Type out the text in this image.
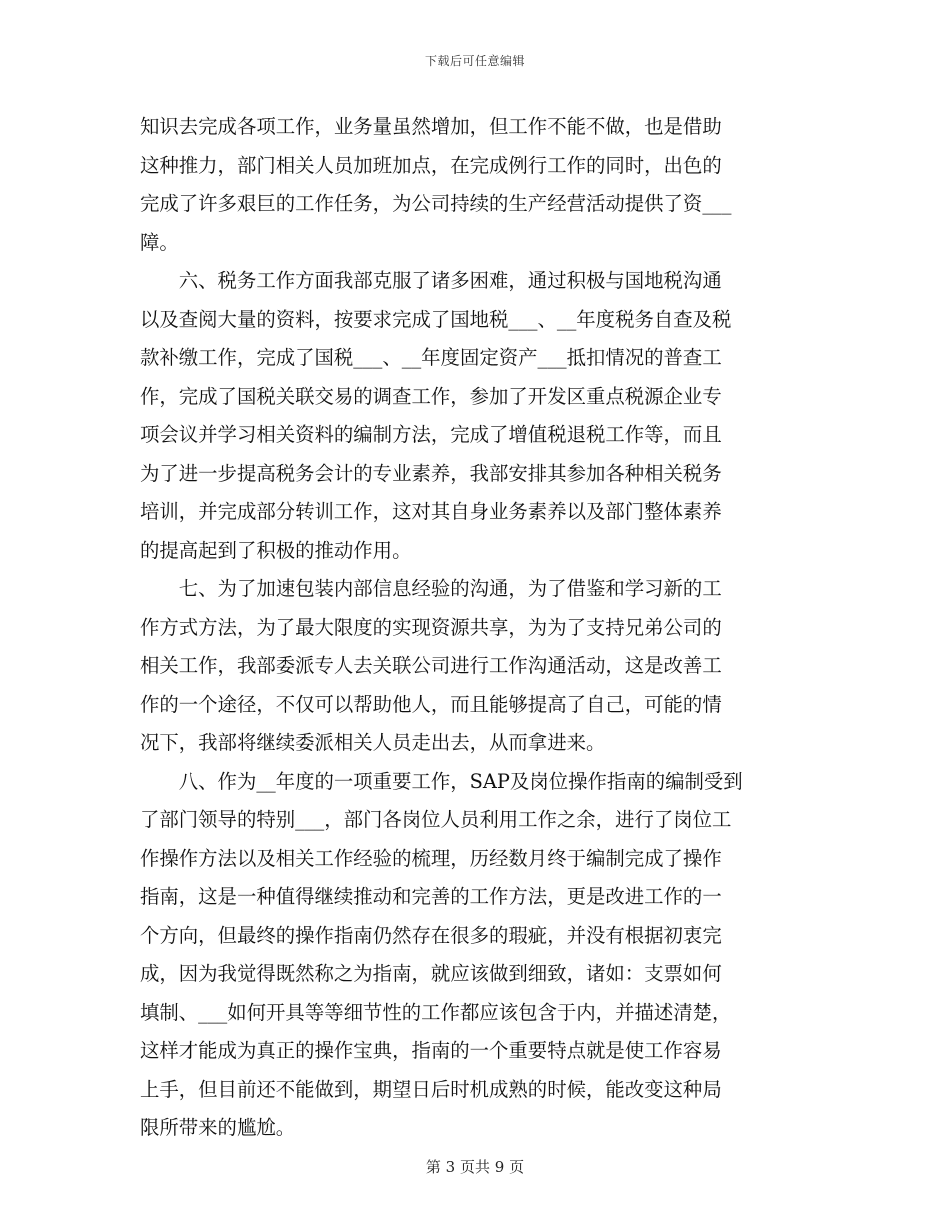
下载后可任意编辑
知识去完成各项工作，业务量虽然增加，但工作不能不做，也是借助
这种推力，部门相关人员加班加点，在完成例行工作的同时，出色的
完成了许多艰巨的工作任务，为公司持续的生产经营活动提供了资___
障。
　　六、税务工作方面我部克服了诸多困难，通过积极与国地税沟通
以及查阅大量的资料，按要求完成了国地税___、__年度税务自查及税
款补缴工作，完成了国税___、__年度固定资产___抵扣情况的普查工
作，完成了国税关联交易的调查工作，参加了开发区重点税源企业专
项会议并学习相关资料的编制方法，完成了增值税退税工作等，而且
为了进一步提高税务会计的专业素养，我部安排其参加各种相关税务
培训，并完成部分转训工作，这对其自身业务素养以及部门整体素养
的提高起到了积极的推动作用。
　　七、为了加速包装内部信息经验的沟通，为了借鉴和学习新的工
作方式方法，为了最大限度的实现资源共享，为为了支持兄弟公司的
相关工作，我部委派专人去关联公司进行工作沟通活动，这是改善工
作的一个途径，不仅可以帮助他人，而且能够提高了自己，可能的情
况下，我部将继续委派相关人员走出去，从而拿进来。
　　八、作为__年度的一项重要工作，SAP及岗位操作指南的编制受到
了部门领导的特别___，部门各岗位人员利用工作之余，进行了岗位工
作操作方法以及相关工作经验的梳理，历经数月终于编制完成了操作
指南，这是一种值得继续推动和完善的工作方法，更是改进工作的一
个方向，但最终的操作指南仍然存在很多的瑕疵，并没有根据初衷完
成，因为我觉得既然称之为指南，就应该做到细致，诸如：支票如何
填制、___如何开具等等细节性的工作都应该包含于内，并描述清楚，
这样才能成为真正的操作宝典，指南的一个重要特点就是使工作容易
上手，但目前还不能做到，期望日后时机成熟的时候，能改变这种局
限所带来的尴尬。
第 3 页共 9 页
